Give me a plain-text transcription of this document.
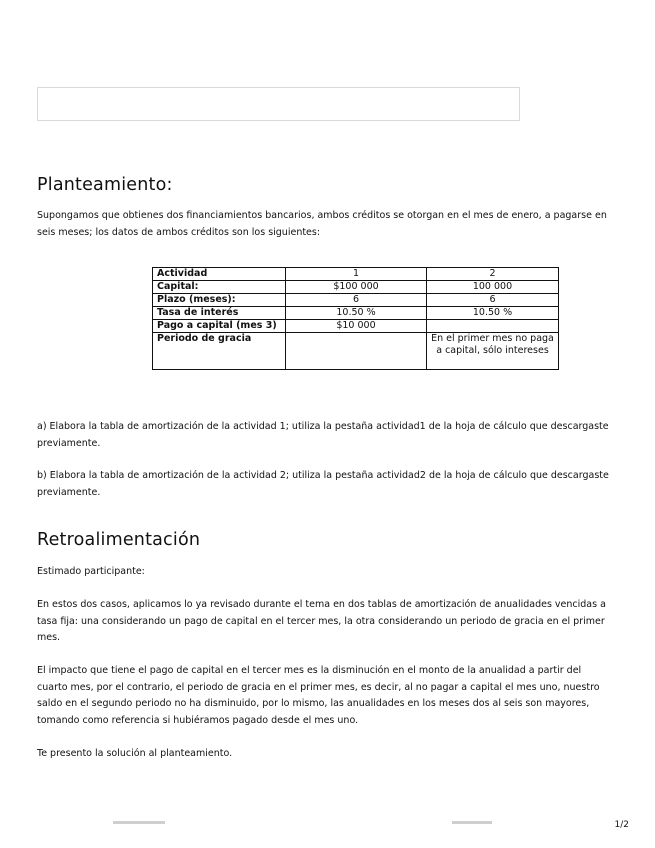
Planteamiento:

Supongamos que obtienes dos financiamientos bancarios, ambos créditos se otorgan en el mes de enero, a pagarse en seis meses; los datos de ambos créditos son los siguientes:

Actividad	1	2
Capital:	$100 000	100 000
Plazo (meses):	6	6
Tasa de interés	10.50 %	10.50 %
Pago a capital (mes 3)	$10 000	
Periodo de gracia		En el primer mes no paga a capital, sólo intereses

a) Elabora la tabla de amortización de la actividad 1; utiliza la pestaña actividad1 de la hoja de cálculo que descargaste previamente.

b) Elabora la tabla de amortización de la actividad 2; utiliza la pestaña actividad2 de la hoja de cálculo que descargaste previamente.

Retroalimentación

Estimado participante:

En estos dos casos, aplicamos lo ya revisado durante el tema en dos tablas de amortización de anualidades vencidas a tasa fija: una considerando un pago de capital en el tercer mes, la otra considerando un periodo de gracia en el primer mes.

El impacto que tiene el pago de capital en el tercer mes es la disminución en el monto de la anualidad a partir del cuarto mes, por el contrario, el periodo de gracia en el primer mes, es decir, al no pagar a capital el mes uno, nuestro saldo en el segundo periodo no ha disminuido, por lo mismo, las anualidades en los meses dos al seis son mayores, tomando como referencia si hubiéramos pagado desde el mes uno.

Te presento la solución al planteamiento.

1/2
